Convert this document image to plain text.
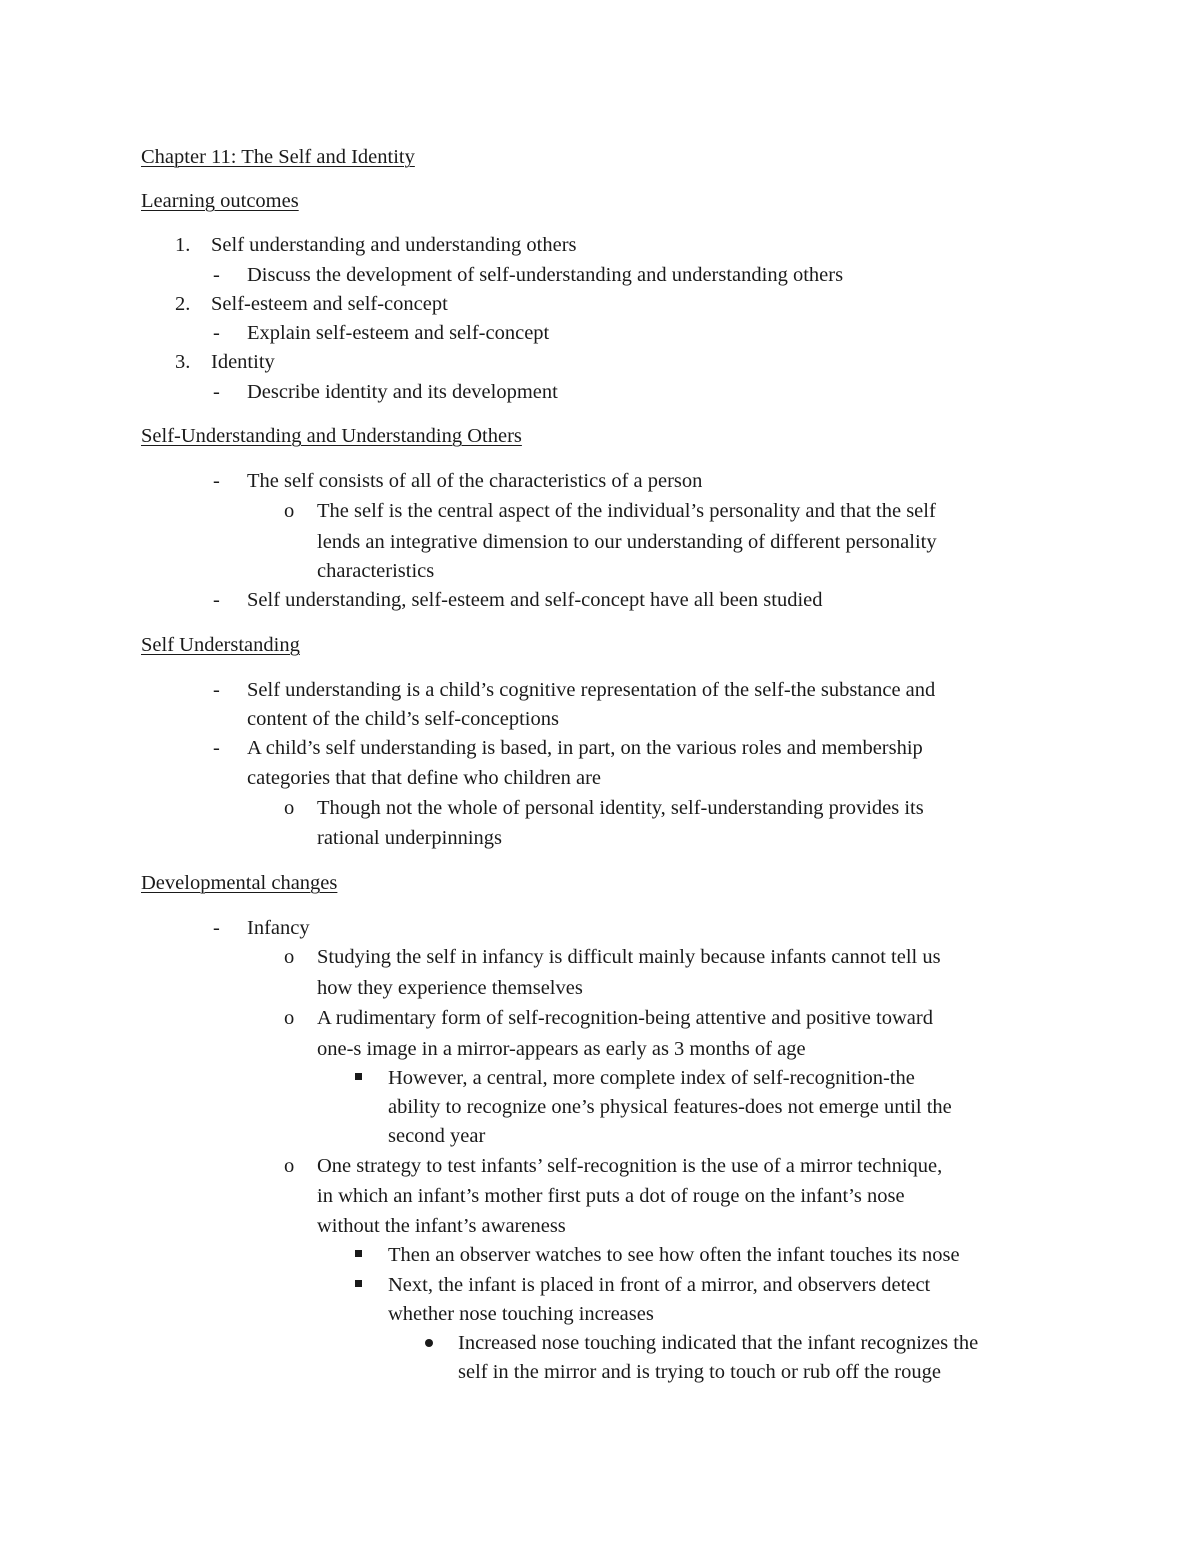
Chapter 11: The Self and Identity
Learning outcomes
1. Self understanding and understanding others
- Discuss the development of self-understanding and understanding others
2. Self-esteem and self-concept
- Explain self-esteem and self-concept
3. Identity
- Describe identity and its development
Self-Understanding and Understanding Others
- The self consists of all of the characteristics of a person
o The self is the central aspect of the individual’s personality and that the self
lends an integrative dimension to our understanding of different personality
characteristics
- Self understanding, self-esteem and self-concept have all been studied
Self Understanding
- Self understanding is a child’s cognitive representation of the self-the substance and
content of the child’s self-conceptions
- A child’s self understanding is based, in part, on the various roles and membership
categories that that define who children are
o Though not the whole of personal identity, self-understanding provides its
rational underpinnings
Developmental changes
- Infancy
o Studying the self in infancy is difficult mainly because infants cannot tell us
how they experience themselves
o A rudimentary form of self-recognition-being attentive and positive toward
one-s image in a mirror-appears as early as 3 months of age
However, a central, more complete index of self-recognition-the
ability to recognize one’s physical features-does not emerge until the
second year
o One strategy to test infants’ self-recognition is the use of a mirror technique,
in which an infant’s mother first puts a dot of rouge on the infant’s nose
without the infant’s awareness
Then an observer watches to see how often the infant touches its nose
Next, the infant is placed in front of a mirror, and observers detect
whether nose touching increases
Increased nose touching indicated that the infant recognizes the
self in the mirror and is trying to touch or rub off the rouge
